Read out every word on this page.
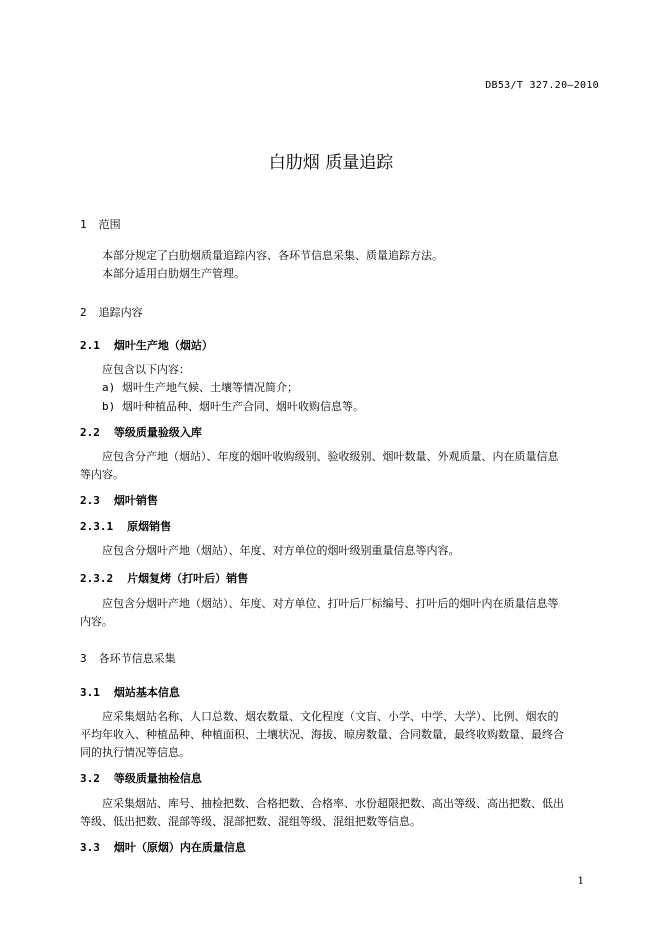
DB53/T 327.20—2010
白肋烟 质量追踪
1 范围
本部分规定了白肋烟质量追踪内容、各环节信息采集、质量追踪方法。
本部分适用白肋烟生产管理。
2 追踪内容
2.1 烟叶生产地（烟站）
应包含以下内容：
a) 烟叶生产地气候、土壤等情况简介；
b) 烟叶种植品种、烟叶生产合同、烟叶收购信息等。
2.2 等级质量验级入库
应包含分产地（烟站）、年度的烟叶收购级别、验收级别、烟叶数量、外观质量、内在质量信息
等内容。
2.3 烟叶销售
2.3.1 原烟销售
应包含分烟叶产地（烟站）、年度、对方单位的烟叶级别重量信息等内容。
2.3.2 片烟复烤（打叶后）销售
应包含分烟叶产地（烟站）、年度、对方单位、打叶后厂标编号、打叶后的烟叶内在质量信息等
内容。
3 各环节信息采集
3.1 烟站基本信息
应采集烟站名称、人口总数、烟农数量、文化程度（文盲、小学、中学、大学）、比例、烟农的
平均年收入、种植品种、种植面积、土壤状况、海拔、晾房数量、合同数量，最终收购数量、最终合
同的执行情况等信息。
3.2 等级质量抽检信息
应采集烟站、库号、抽检把数、合格把数、合格率、水份超限把数、高出等级、高出把数、低出
等级、低出把数、混部等级、混部把数、混组等级、混组把数等信息。
3.3 烟叶（原烟）内在质量信息
1
